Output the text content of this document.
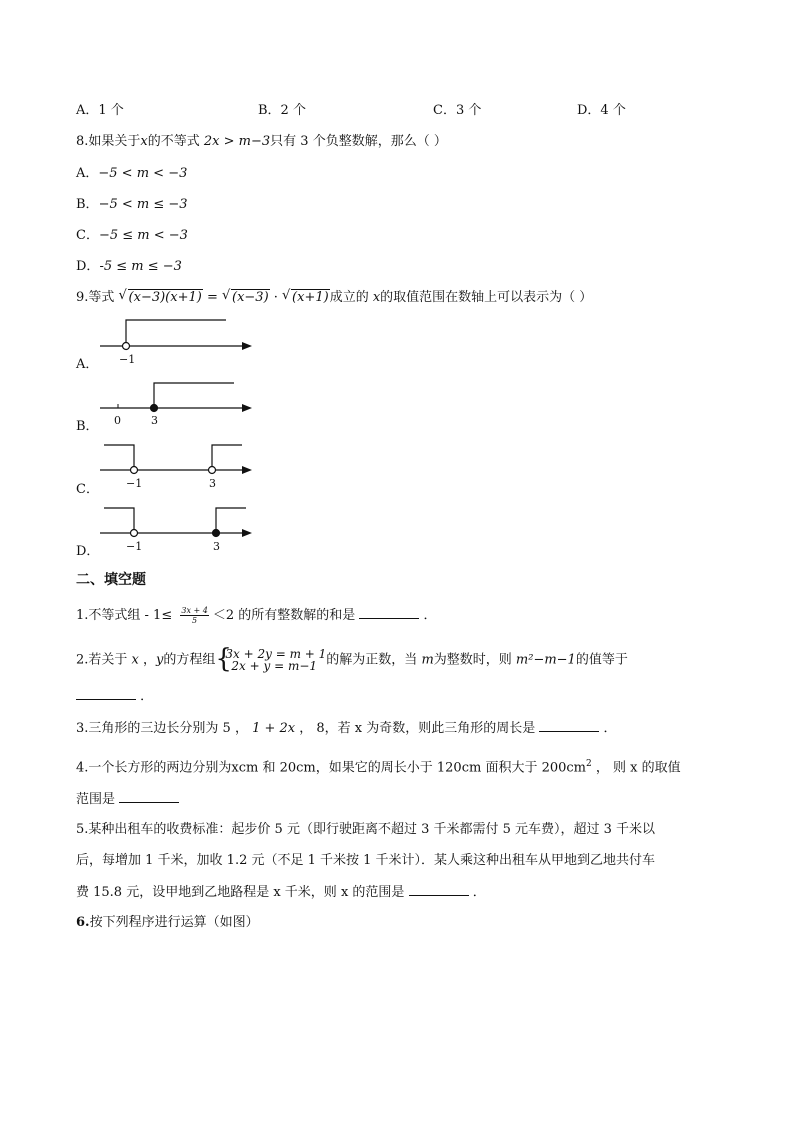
A．1 个	B．2 个	C．3 个	D．4 个
8.如果关于x的不等式 2x > m−3只有 3 个负整数解，那么（ ）
A．−5 < m < −3
B．−5 < m ≤ −3
C．−5 ≤ m < −3
D．-5 ≤ m ≤ −3
9.等式 √ (x−3)(x+1) = √ (x−3) · √ (x+1)成立的 x的取值范围在数轴上可以表示为（ ）
A． −1
B． 0	3
C． −1	3
D． −1	3
二、填空题
1.不等式组 - $1\le \frac{3x + 4}{5} <2$ 的所有整数解的和是	．
2.若关于 x ，y的方程组 {
3x + 2y = m + 1
2x + y = m−1 的解为正数，当 m为整数时，则 m²−m−1的值等于
．
3.三角形的三边长分别为 5 ， 1 + 2x ， 8，若 x 为奇数，则此三角形的周长是	．
4.一个长方形的两边分别为xcm 和 20cm，如果它的周长小于 120cm 面积大于 $200cm^2$ ， 则 x 的取值
范围是
5.某种出租车的收费标准：起步价 5 元（即行驶距离不超过 3 千米都需付 5 元车费），超过 3 千米以
后，每增加 1 千米，加收 1.2 元（不足 1 千米按 1 千米计）．某人乘这种出租车从甲地到乙地共付车
费 15.8 元，设甲地到乙地路程是 x 千米，则 x 的范围是	．
6.按下列程序进行运算（如图）
